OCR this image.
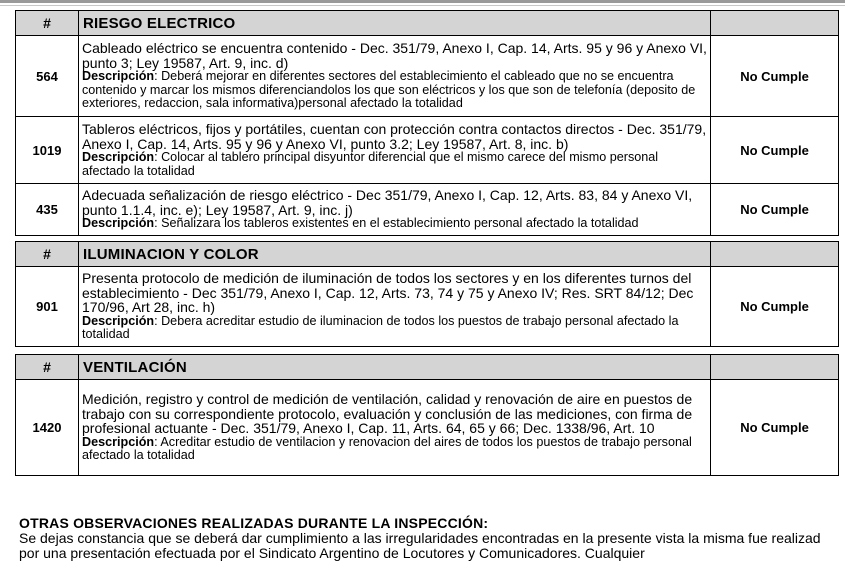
#	RIESGO ELECTRICO	
564	Cableado eléctrico se encuentra contenido - Dec. 351/79, Anexo I, Cap. 14, Arts. 95 y 96 y Anexo VI, punto 3; Ley 19587, Art. 9, inc. d)
Descripción: Deberá mejorar en diferentes sectores del establecimiento el cableado que no se encuentra contenido y marcar los mismos diferenciandolos los que son eléctricos y los que son de telefonía (deposito de exteriores, redaccion, sala informativa)personal afectado la totalidad	No Cumple
1019	Tableros eléctricos, fijos y portátiles, cuentan con protección contra contactos directos - Dec. 351/79, Anexo I, Cap. 14, Arts. 95 y 96 y Anexo VI, punto 3.2; Ley 19587, Art. 8, inc. b)
Descripción: Colocar al tablero principal disyuntor diferencial que el mismo carece del mismo personal afectado la totalidad	No Cumple
435	Adecuada señalización de riesgo eléctrico - Dec 351/79, Anexo I, Cap. 12, Arts. 83, 84 y Anexo VI, punto 1.1.4, inc. e); Ley 19587, Art. 9, inc. j)
Descripción: Señalizara los tableros existentes en el establecimiento personal afectado la totalidad	No Cumple
#	ILUMINACION Y COLOR	
901	Presenta protocolo de medición de iluminación de todos los sectores y en los diferentes turnos del establecimiento - Dec 351/79, Anexo I, Cap. 12, Arts. 73, 74 y 75 y Anexo IV; Res. SRT 84/12; Dec 170/96, Art 28, inc. h)
Descripción: Debera acreditar estudio de iluminacion de todos los puestos de trabajo personal afectado la totalidad	No Cumple
#	VENTILACIÓN	
1420	Medición, registro y control de medición de ventilación, calidad y renovación de aire en puestos de trabajo con su correspondiente protocolo, evaluación y conclusión de las mediciones, con firma de profesional actuante - Dec. 351/79, Anexo I, Cap. 11, Arts. 64, 65 y 66; Dec. 1338/96, Art. 10
Descripción: Acreditar estudio de ventilacion y renovacion del aires de todos los puestos de trabajo personal afectado la totalidad	No Cumple
OTRAS OBSERVACIONES REALIZADAS DURANTE LA INSPECCIÓN:
Se dejas constancia que se deberá dar cumplimiento a las irregularidades encontradas en la presente vista la misma fue realizad por una presentación efectuada por el Sindicato Argentino de Locutores y Comunicadores. Cualquier
